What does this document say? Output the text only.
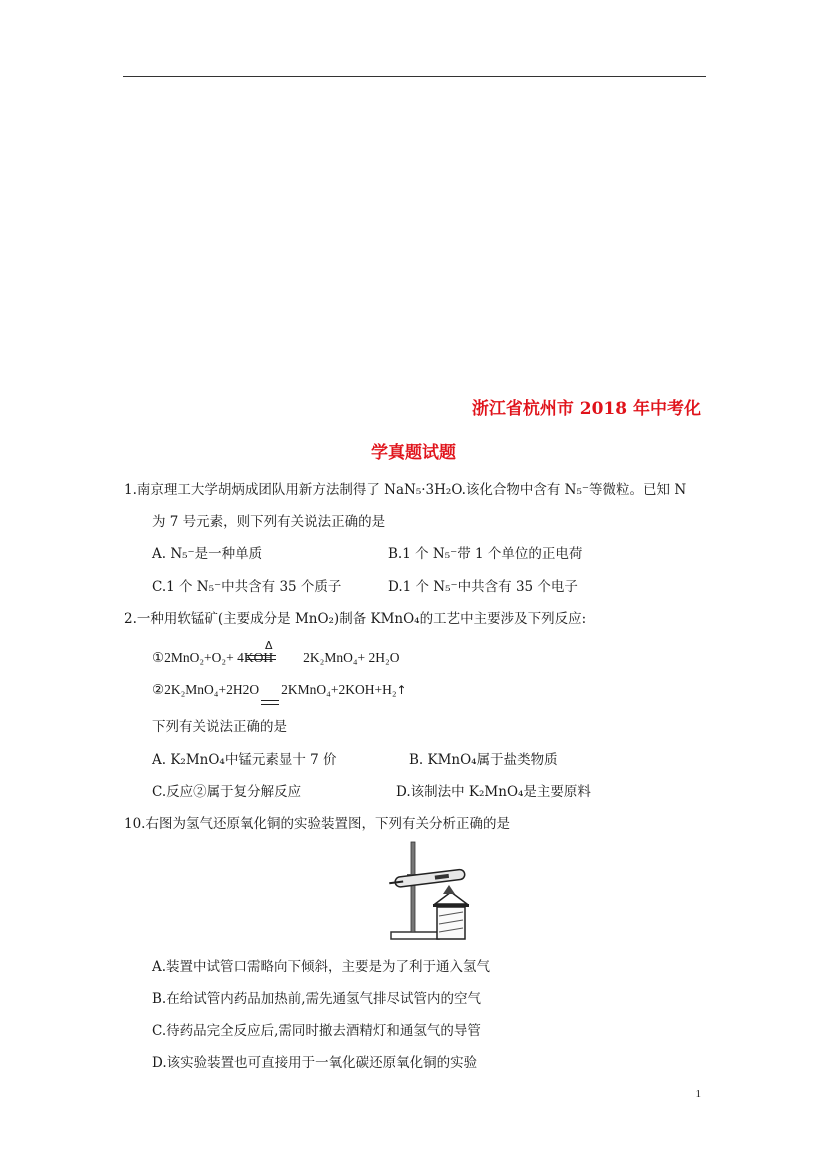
浙江省杭州市 2018 年中考化
学真题试题
1.南京理工大学胡炳成团队用新方法制得了 NaN₅·3H₂O.该化合物中含有 N₅⁻等微粒。已知 N
为 7 号元素，则下列有关说法正确的是
A. N₅⁻是一种单质	B.1 个 N₅⁻带 1 个单位的正电荷
C.1 个 N₅⁻中共含有 35 个质子	D.1 个 N₅⁻中共含有 35 个电子
2.一种用软锰矿(主要成分是 MnO₂)制备 KMnO₄的工艺中主要涉及下列反应:
Δ
①2MnO₂+O₂+ 4KOH 2K₂MnO₄+ 2H₂O
②2K₂MnO₄+2H2O 2KMnO₄+2KOH+H₂↑
下列有关说法正确的是
A. K₂MnO₄中锰元素显十 7 价	B. KMnO₄属于盐类物质
C.反应②属于复分解反应	D.该制法中 K₂MnO₄是主要原料
10.右图为氢气还原氧化铜的实验装置图，下列有关分析正确的是
A.装置中试管口需略向下倾斜，主要是为了利于通入氢气
B.在给试管内药品加热前,需先通氢气排尽试管内的空气
C.待药品完全反应后,需同时撤去酒精灯和通氢气的导管
D.该实验装置也可直接用于一氧化碳还原氧化铜的实验
1
